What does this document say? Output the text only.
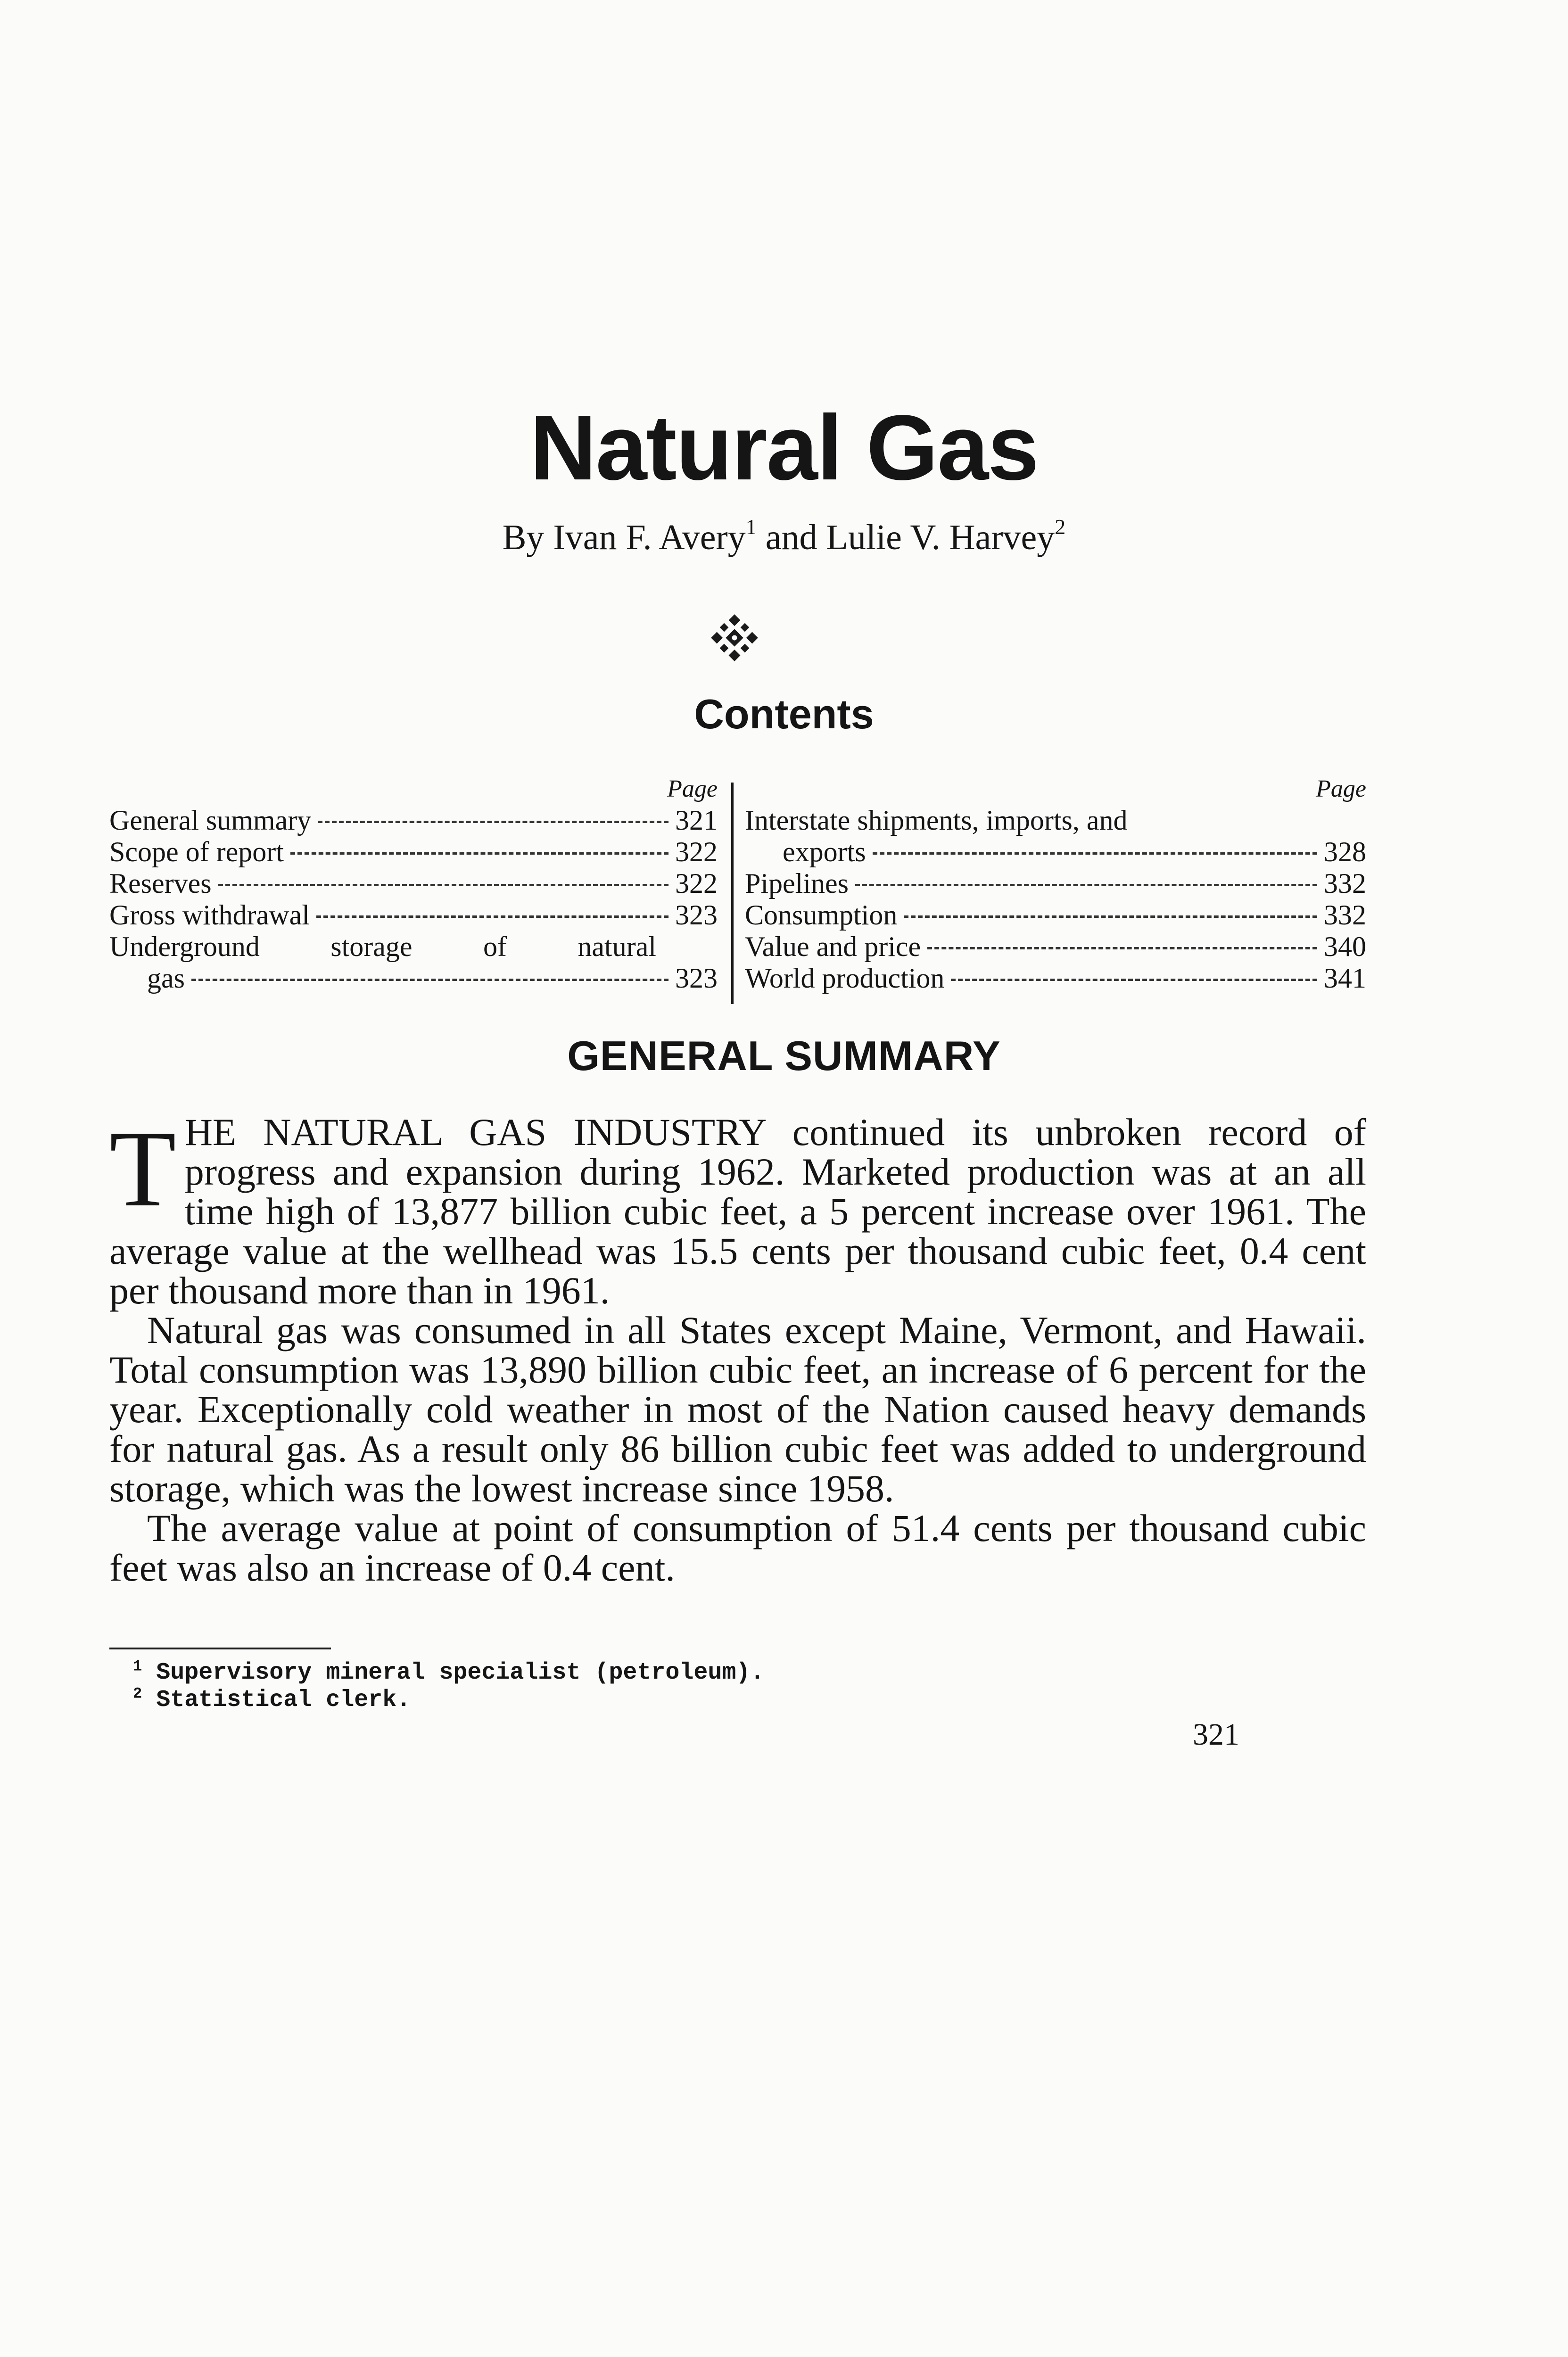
Natural Gas
By Ivan F. Avery$^1$ and Lulie V. Harvey$^2$
Contents
Page
General summary	321
Scope of report	322
Reserves	322
Gross withdrawal	323
Underground storage of natural
gas	323
Page
Interstate shipments, imports, and
exports	328
Pipelines	332
Consumption	332
Value and price	340
World production	341
GENERAL SUMMARY
T HE NATURAL GAS INDUSTRY continued its unbroken record of progress and expansion during 1962. Marketed production was at an all time high of 13,877 billion cubic feet, a 5 percent increase over 1961. The average value at the wellhead was 15.5 cents per thousand cubic feet, 0.4 cent per thousand more than in 1961.

Natural gas was consumed in all States except Maine, Vermont, and Hawaii. Total consumption was 13,890 billion cubic feet, an increase of 6 percent for the year. Exceptionally cold weather in most of the Nation caused heavy demands for natural gas. As a result only 86 billion cubic feet was added to underground storage, which was the lowest increase since 1958.

The average value at point of consumption of 51.4 cents per thousand cubic feet was also an increase of 0.4 cent.

$^1$ Supervisory mineral specialist (petroleum).
$^2$ Statistical clerk.
321
